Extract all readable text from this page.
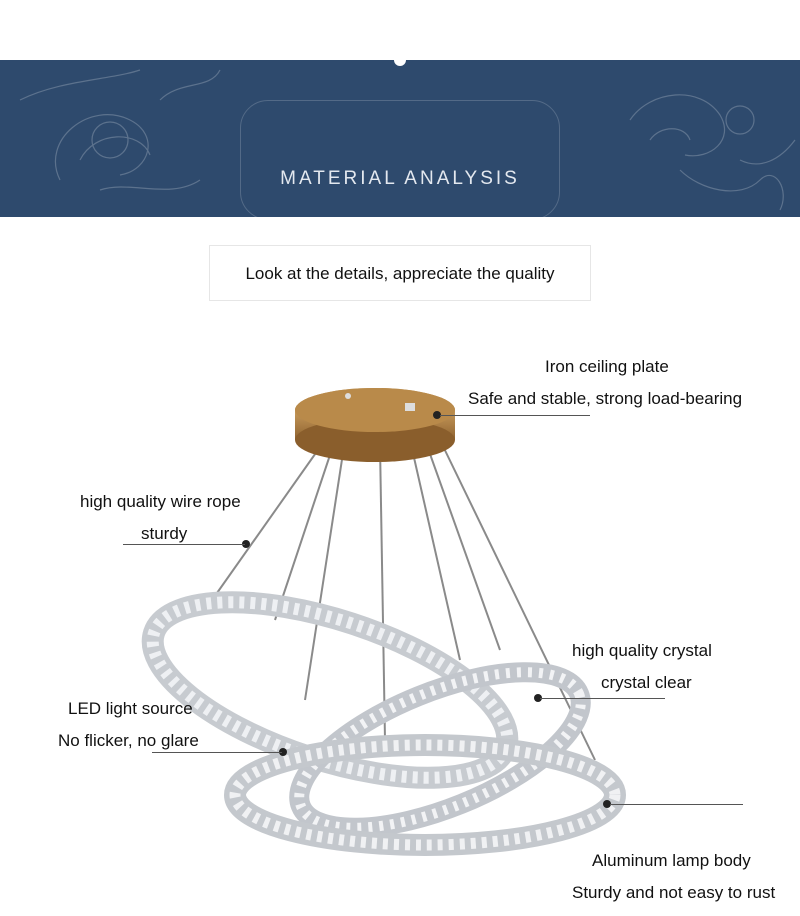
MATERIAL ANALYSIS
Look at the details, appreciate the quality
Iron ceiling plate
Safe and stable, strong load-bearing
high quality wire rope
sturdy
high quality crystal
crystal clear
LED light source
No flicker, no glare
Aluminum lamp body
Sturdy and not easy to rust
